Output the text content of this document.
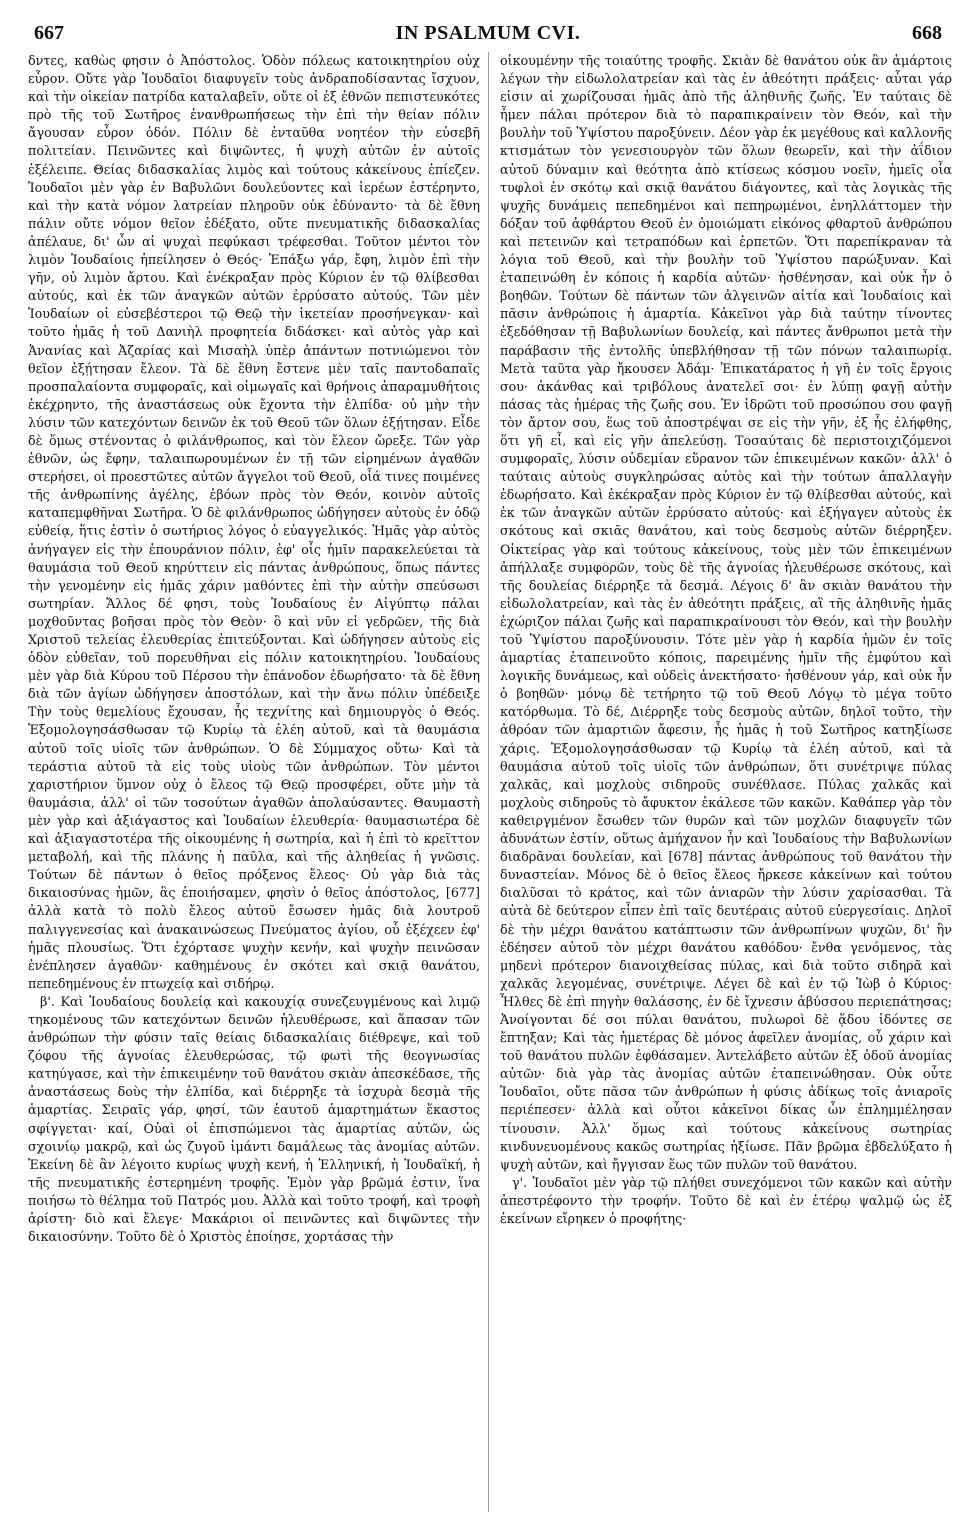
667	IN PSALMUM CVI.	668

δντες, καθὼς φησιν ὁ Ἀπόστολος. Ὁδὸν πόλεως κατοικητηρίου οὐχ εὗρον. Οὔτε γὰρ Ἰουδαῖοι διαφυγεῖν τοὺς ἀνδραποδίσαντας ἴσχυον, καὶ τὴν οἰκείαν πατρίδα καταλαβεῖν, οὔτε οἱ ἐξ ἐθνῶν πεπιστευκότες πρὸ τῆς τοῦ Σωτῆρος ἐνανθρωπήσεως τὴν ἐπὶ τὴν θείαν πόλιν ἄγουσαν εὗρον ὁδόν. Πόλιν δὲ ἐνταῦθα νοητέον τὴν εὐσεβῆ πολιτείαν. Πεινῶντες καὶ διψῶντες, ἡ ψυχὴ αὐτῶν ἐν αὐτοῖς ἐξέλειπε. Θείας διδασκαλίας λιμὸς καὶ τούτους κἀκείνους ἐπίεζεν. Ἰουδαῖοι μὲν γὰρ ἐν Βαβυλῶνι δουλεύοντες καὶ ἱερέων ἐστέρηντο, καὶ τὴν κατὰ νόμον λατρείαν πληροῦν οὐκ ἐδύναντο· τὰ δὲ ἔθνη πάλιν οὔτε νόμον θεῖον ἐδέξατο, οὔτε πνευματικῆς διδασκαλίας ἀπέλαυε, δι' ὧν αἱ ψυχαὶ πεφύκασι τρέφεσθαι. Τοῦτον μέντοι τὸν λιμὸν Ἰουδαίοις ἠπείλησεν ὁ Θεός· Ἐπάξω γάρ, ἔφη, λιμὸν ἐπὶ τὴν γῆν, οὐ λιμὸν ἄρτου. Καὶ ἐνέκραξαν πρὸς Κύριον ἐν τῷ θλίβεσθαι αὐτούς, καὶ ἐκ τῶν ἀναγκῶν αὐτῶν ἐρρύσατο αὐτούς. Τῶν μὲν Ἰουδαίων οἱ εὐσεβέστεροι τῷ Θεῷ τὴν ἱκετείαν προσήνεγκαν· καὶ τοῦτο ἡμᾶς ἡ τοῦ Δανιὴλ προφητεία διδάσκει· καὶ αὐτὸς γὰρ καὶ Ἀνανίας καὶ Ἀζαρίας καὶ Μισαὴλ ὑπὲρ ἁπάντων ποτνιώμενοι τὸν θεῖον ἐξῄτησαν ἔλεον. Τὰ δὲ ἔθνη ἔστενε μὲν ταῖς παντοδαπαῖς προσπαλαίοντα συμφοραῖς, καὶ οἰμωγαῖς καὶ θρήνοις ἀπαραμυθήτοις ἐκέχρηντο, τῆς ἀναστάσεως οὐκ ἔχοντα τὴν ἐλπίδα· οὐ μὴν τὴν λύσιν τῶν κατεχόντων δεινῶν ἐκ τοῦ Θεοῦ τῶν ὅλων ἐξῄτησαν. Εἶδε δὲ ὅμως στένοντας ὁ φιλάνθρωπος, καὶ τὸν ἔλεον ὤρεξε. Τῶν γὰρ ἐθνῶν, ὡς ἔφην, ταλαιπωρουμένων ἐν τῇ τῶν εἰρημένων ἀγαθῶν στερήσει, οἱ προεστῶτες αὐτῶν ἄγγελοι τοῦ Θεοῦ, οἷά τινες ποιμένες τῆς ἀνθρωπίνης ἀγέλης, ἐβόων πρὸς τὸν Θεόν, κοινὸν αὐτοῖς καταπεμφθῆναι Σωτῆρα. Ὁ δὲ φιλάνθρωπος ὡδήγησεν αὐτοὺς ἐν ὁδῷ εὐθείᾳ, ἥτις ἐστὶν ὁ σωτήριος λόγος ὁ εὐαγγελικός. Ἡμᾶς γὰρ αὐτὸς ἀνήγαγεν εἰς τὴν ἐπουράνιον πόλιν, ἐφ' οἷς ἡμῖν παρακελεύεται τὰ θαυμάσια τοῦ Θεοῦ κηρύττειν εἰς πάντας ἀνθρώπους, ὅπως πάντες τὴν γενομένην εἰς ἡμᾶς χάριν μαθόντες ἐπὶ τὴν αὐτὴν σπεύσωσι σωτηρίαν. Ἄλλος δέ φησι, τοὺς Ἰουδαίους ἐν Αἰγύπτῳ πάλαι μοχθοῦντας βοῆσαι πρὸς τὸν Θεὸν· ὃ καὶ νῦν εἰ γεδρῶεν, τῆς διὰ Χριστοῦ τελείας ἐλευθερίας ἐπιτεύξονται. Καὶ ὡδήγησεν αὐτοὺς εἰς ὁδὸν εὐθεῖαν, τοῦ πορευθῆναι εἰς πόλιν κατοικητηρίου. Ἰουδαίους μὲν γὰρ διὰ Κύρου τοῦ Πέρσου τὴν ἐπάνοδον ἐδωρήσατο· τὰ δὲ ἔθνη διὰ τῶν ἁγίων ὡδήγησεν ἀποστόλων, καὶ τὴν ἄνω πόλιν ὑπέδειξε Τὴν τοὺς θεμελίους ἔχουσαν, ἧς τεχνίτης καὶ δημιουργὸς ὁ Θεός. Ἐξομολογησάσθωσαν τῷ Κυρίῳ τὰ ἐλέη αὐτοῦ, καὶ τὰ θαυμάσια αὐτοῦ τοῖς υἱοῖς τῶν ἀνθρώπων. Ὁ δὲ Σύμμαχος οὕτω· Καὶ τὰ τεράστια αὐτοῦ τὰ εἰς τοὺς υἱοὺς τῶν ἀνθρώπων. Τὸν μέντοι χαριστήριον ὕμνον οὐχ ὁ ἔλεος τῷ Θεῷ προσφέρει, οὔτε μὴν τὰ θαυμάσια, ἀλλ' οἱ τῶν τοσούτων ἀγαθῶν ἀπολαύσαντες. Θαυμαστὴ μὲν γὰρ καὶ ἀξιάγαστος καὶ Ἰουδαίων ἐλευθερία· θαυμασιωτέρα δὲ καὶ ἀξιαγαστοτέρα τῆς οἰκουμένης ἡ σωτηρία, καὶ ἡ ἐπὶ τὸ κρεῖττον μεταβολή, καὶ τῆς πλάνης ἡ παῦλα, καὶ τῆς ἀληθείας ἡ γνῶσις. Τούτων δὲ πάντων ὁ θεῖος πρόξενος ἔλεος· Οὐ γὰρ διὰ τὰς δικαιοσύνας ἡμῶν, ἃς ἐποιήσαμεν, φησὶν ὁ θεῖος ἀπόστολος, [677] ἀλλὰ κατὰ τὸ πολὺ ἔλεος αὐτοῦ ἔσωσεν ἡμᾶς διὰ λουτροῦ παλιγγενεσίας καὶ ἀνακαινώσεως Πνεύματος ἁγίου, οὗ ἐξέχεεν ἐφ' ἡμᾶς πλουσίως. Ὅτι ἐχόρτασε ψυχὴν κενήν, καὶ ψυχὴν πεινῶσαν ἐνέπλησεν ἀγαθῶν· καθημένους ἐν σκότει καὶ σκιᾷ θανάτου, πεπεδημένους ἐν πτωχείᾳ καὶ σιδήρῳ.

β'. Καὶ Ἰουδαίους δουλείᾳ καὶ κακουχίᾳ συνεζευγμένους καὶ λιμῷ τηκομένους τῶν κατεχόντων δεινῶν ἠλευθέρωσε, καὶ ἅπασαν τῶν ἀνθρώπων τὴν φύσιν ταῖς θείαις διδασκαλίαις διέθρεψε, καὶ τοῦ ζόφου τῆς ἀγνοίας ἐλευθερώσας, τῷ φωτὶ τῆς θεογνωσίας κατηύγασε, καὶ τὴν ἐπικειμένην τοῦ θανάτου σκιὰν ἀπεσκέδασε, τῆς ἀναστάσεως δοὺς τὴν ἐλπίδα, καὶ διέρρηξε τὰ ἰσχυρὰ δεσμὰ τῆς ἁμαρτίας. Σειραῖς γάρ, φησί, τῶν ἑαυτοῦ ἁμαρτημάτων ἕκαστος σφίγγεται· καί, Οὐαὶ οἱ ἐπισπώμενοι τὰς ἁμαρτίας αὐτῶν, ὡς σχοινίῳ μακρῷ, καὶ ὡς ζυγοῦ ἱμάντι δαμάλεως τὰς ἀνομίας αὐτῶν. Ἐκείνη δὲ ἂν λέγοιτο κυρίως ψυχὴ κενή, ἡ Ἑλληνική, ἡ Ἰουδαϊκή, ἡ τῆς πνευματικῆς ἐστερημένη τροφῆς. Ἐμὸν γὰρ βρῶμά ἐστιν, ἵνα ποιήσω τὸ θέλημα τοῦ Πατρός μου. Ἀλλὰ καὶ τοῦτο τροφή, καὶ τροφὴ ἀρίστη· διὸ καὶ ἔλεγε· Μακάριοι οἱ πεινῶντες καὶ διψῶντες τὴν δικαιοσύνην. Τοῦτο δὲ ὁ Χριστὸς ἐποίησε, χορτάσας τὴν

οἰκουμένην τῆς τοιαύτης τροφῆς. Σκιὰν δὲ θανάτου οὐκ ἂν ἁμάρτοις λέγων τὴν εἰδωλολατρείαν καὶ τὰς ἐν ἀθεότητι πράξεις· αὗται γάρ εἰσιν αἱ χωρίζουσαι ἡμᾶς ἀπὸ τῆς ἀληθινῆς ζωῆς. Ἐν ταύταις δὲ ἦμεν πάλαι πρότερον διὰ τὸ παραπικραίνειν τὸν Θεόν, καὶ τὴν βουλὴν τοῦ Ὑψίστου παροξύνειν. Δέον γὰρ ἐκ μεγέθους καὶ καλλονῆς κτισμάτων τὸν γενεσιουργὸν τῶν ὅλων θεωρεῖν, καὶ τὴν ἀΐδιον αὐτοῦ δύναμιν καὶ θεότητα ἀπὸ κτίσεως κόσμου νοεῖν, ἡμεῖς οἷα τυφλοὶ ἐν σκότῳ καὶ σκιᾷ θανάτου διάγοντες, καὶ τὰς λογικὰς τῆς ψυχῆς δυνάμεις πεπεδημένοι καὶ πεπηρωμένοι, ἐνηλλάττομεν τὴν δόξαν τοῦ ἀφθάρτου Θεοῦ ἐν ὁμοιώματι εἰκόνος φθαρτοῦ ἀνθρώπου καὶ πετεινῶν καὶ τετραπόδων καὶ ἑρπετῶν. Ὅτι παρεπίκραναν τὰ λόγια τοῦ Θεοῦ, καὶ τὴν βουλὴν τοῦ Ὑψίστου παρώξυναν. Καὶ ἐταπεινώθη ἐν κόποις ἡ καρδία αὐτῶν· ἠσθένησαν, καὶ οὐκ ἦν ὁ βοηθῶν. Τούτων δὲ πάντων τῶν ἀλγεινῶν αἰτία καὶ Ἰουδαίοις καὶ πᾶσιν ἀνθρώποις ἡ ἁμαρτία. Κἀκεῖνοι γὰρ διὰ ταύτην τίνοντες ἐξεδόθησαν τῇ Βαβυλωνίων δουλείᾳ, καὶ πάντες ἄνθρωποι μετὰ τὴν παράβασιν τῆς ἐντολῆς ὑπεβλήθησαν τῇ τῶν πόνων ταλαιπωρίᾳ. Μετὰ ταῦτα γὰρ ἤκουσεν Ἀδάμ· Ἐπικατάρατος ἡ γῆ ἐν τοῖς ἔργοις σου· ἀκάνθας καὶ τριβόλους ἀνατελεῖ σοι· ἐν λύπῃ φαγῇ αὐτὴν πάσας τὰς ἡμέρας τῆς ζωῆς σου. Ἐν ἱδρῶτι τοῦ προσώπου σου φαγῇ τὸν ἄρτον σου, ἕως τοῦ ἀποστρέψαι σε εἰς τὴν γῆν, ἐξ ἧς ἐλήφθης, ὅτι γῆ εἶ, καὶ εἰς γῆν ἀπελεύσῃ. Τοσαύταις δὲ περιστοιχιζόμενοι συμφοραῖς, λύσιν οὐδεμίαν εὕρανον τῶν ἐπικειμένων κακῶν· ἀλλ' ὁ ταύταις αὐτοὺς συγκληρώσας αὐτὸς καὶ τὴν τούτων ἀπαλλαγὴν ἐδωρήσατο. Καὶ ἐκέκραξαν πρὸς Κύριον ἐν τῷ θλίβεσθαι αὐτούς, καὶ ἐκ τῶν ἀναγκῶν αὐτῶν ἐρρύσατο αὐτούς· καὶ ἐξήγαγεν αὐτοὺς ἐκ σκότους καὶ σκιᾶς θανάτου, καὶ τοὺς δεσμοὺς αὐτῶν διέρρηξεν. Οἰκτείρας γὰρ καὶ τούτους κἀκείνους, τοὺς μὲν τῶν ἐπικειμένων ἀπήλλαξε συμφορῶν, τοὺς δὲ τῆς ἀγνοίας ἠλευθέρωσε σκότους, καὶ τῆς δουλείας διέρρηξε τὰ δεσμά. Λέγοις δ' ἂν σκιὰν θανάτου τὴν εἰδωλολατρείαν, καὶ τὰς ἐν ἀθεότητι πράξεις, αἳ τῆς ἀληθινῆς ἡμᾶς ἐχώριζον πάλαι ζωῆς καὶ παραπικραίνουσι τὸν Θεόν, καὶ τὴν βουλὴν τοῦ Ὑψίστου παροξύνουσιν. Τότε μὲν γὰρ ἡ καρδία ἡμῶν ἐν τοῖς ἁμαρτίας ἐταπεινοῦτο κόποις, παρειμένης ἡμῖν τῆς ἐμφύτου καὶ λογικῆς δυνάμεως, καὶ οὐδεὶς ἀνεκτήσατο· ἠσθένουν γάρ, καὶ οὐκ ἦν ὁ βοηθῶν· μόνῳ δὲ τετήρητο τῷ τοῦ Θεοῦ Λόγῳ τὸ μέγα τοῦτο κατόρθωμα. Τὸ δέ, Διέρρηξε τοὺς δεσμοὺς αὐτῶν, δηλοῖ τοῦτο, τὴν ἀθρόαν τῶν ἁμαρτιῶν ἄφεσιν, ἧς ἡμᾶς ἡ τοῦ Σωτῆρος κατηξίωσε χάρις. Ἐξομολογησάσθωσαν τῷ Κυρίῳ τὰ ἐλέη αὐτοῦ, καὶ τὰ θαυμάσια αὐτοῦ τοῖς υἱοῖς τῶν ἀνθρώπων, ὅτι συνέτριψε πύλας χαλκᾶς, καὶ μοχλοὺς σιδηροῦς συνέθλασε. Πύλας χαλκᾶς καὶ μοχλοὺς σιδηροῦς τὸ ἄφυκτον ἐκάλεσε τῶν κακῶν. Καθάπερ γὰρ τὸν καθειργμένον ἔσωθεν τῶν θυρῶν καὶ τῶν μοχλῶν διαφυγεῖν τῶν ἀδυνάτων ἐστίν, οὕτως ἀμήχανον ἦν καὶ Ἰουδαίους τὴν Βαβυλωνίων διαδρᾶναι δουλείαν, καὶ [678] πάντας ἀνθρώπους τοῦ θανάτου τὴν δυναστείαν. Μόνος δὲ ὁ θεῖος ἔλεος ἤρκεσε κἀκείνων καὶ τούτου διαλῦσαι τὸ κράτος, καὶ τῶν ἀνιαρῶν τὴν λύσιν χαρίσασθαι. Τὰ αὐτὰ δὲ δεύτερον εἶπεν ἐπὶ ταῖς δευτέραις αὐτοῦ εὐεργεσίαις. Δηλοῖ δὲ τὴν μέχρι θανάτου κατάπτωσιν τῶν ἀνθρωπίνων ψυχῶν, δι' ἣν ἐδέησεν αὐτοῦ τὸν μέχρι θανάτου καθόδου· ἔνθα γενόμενος, τὰς μηδενὶ πρότερον διανοιχθείσας πύλας, καὶ διὰ τοῦτο σιδηρᾶ καὶ χαλκᾶς λεγομένας, συνέτριψε. Λέγει δὲ καὶ ἐν τῷ Ἰὼβ ὁ Κύριος· Ἦλθες δὲ ἐπὶ πηγὴν θαλάσσης, ἐν δὲ ἴχνεσιν ἀβύσσου περιεπάτησας; Ἀνοίγονται δέ σοι πύλαι θανάτου, πυλωροὶ δὲ ᾅδου ἰδόντες σε ἔπτηξαν; Καὶ τὰς ἡμετέρας δὲ μόνος ἀφεῖλεν ἀνομίας, οὗ χάριν καὶ τοῦ θανάτου πυλῶν ἐφθάσαμεν. Ἀντελάβετο αὐτῶν ἐξ ὁδοῦ ἀνομίας αὐτῶν· διὰ γὰρ τὰς ἀνομίας αὐτῶν ἐταπεινώθησαν. Οὐκ οὖτε Ἰουδαῖοι, οὔτε πᾶσα τῶν ἀνθρώπων ἡ φύσις ἀδίκως τοῖς ἀνιαροῖς περιέπεσεν· ἀλλὰ καὶ οὗτοι κἀκεῖνοι δίκας ὧν ἐπλημμέλησαν τίνουσιν. Ἀλλ' ὅμως καὶ τούτους κἀκείνους σωτηρίας κινδυνευομένους κακῶς σωτηρίας ἠξίωσε. Πᾶν βρῶμα ἐβδελύξατο ἡ ψυχὴ αὐτῶν, καὶ ἤγγισαν ἕως τῶν πυλῶν τοῦ θανάτου.

γ'. Ἰουδαῖοι μὲν γὰρ τῷ πλήθει συνεχόμενοι τῶν κακῶν καὶ αὐτὴν ἀπεστρέφοντο τὴν τροφήν. Τοῦτο δὲ καὶ ἐν ἑτέρῳ ψαλμῷ ὡς ἐξ ἐκείνων εἴρηκεν ὁ προφήτης·
